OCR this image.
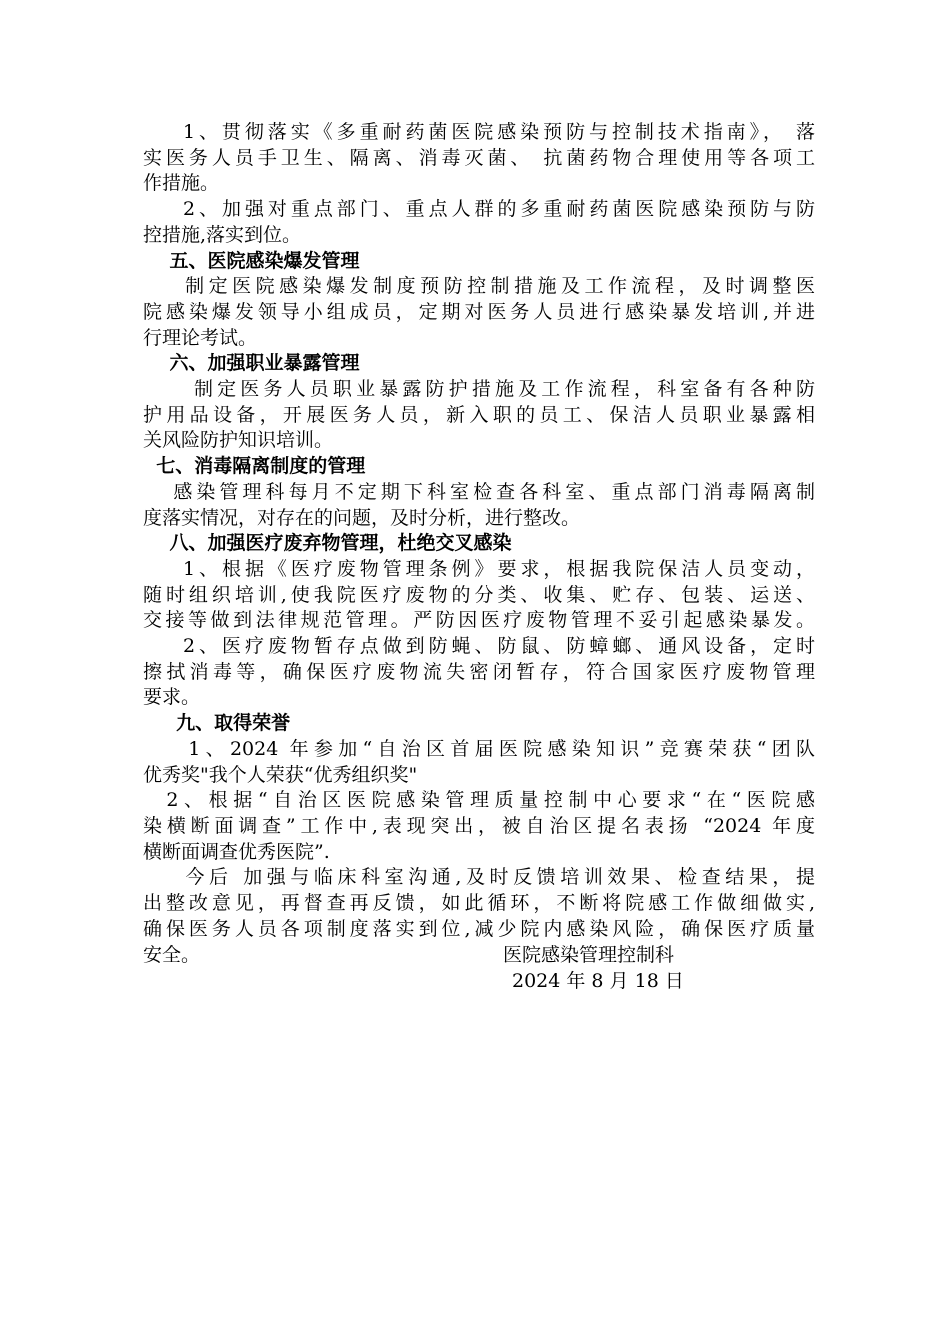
1、贯彻落实《多重耐药菌医院感染预防与控制技术指南》， 落

实医务人员手卫生、隔离、消毒灭菌、 抗菌药物合理使用等各项工

作措施。

2、加强对重点部门、重点人群的多重耐药菌医院感染预防与防

控措施,落实到位。

五、医院感染爆发管理

制定医院感染爆发制度预防控制措施及工作流程，及时调整医

院感染爆发领导小组成员，定期对医务人员进行感染暴发培训,并进

行理论考试。

六、加强职业暴露管理

制定医务人员职业暴露防护措施及工作流程，科室备有各种防

护用品设备，开展医务人员，新入职的员工、保洁人员职业暴露相

关风险防护知识培训。

七、消毒隔离制度的管理

感染管理科每月不定期下科室检查各科室、重点部门消毒隔离制

度落实情况，对存在的问题，及时分析，进行整改。

八、加强医疗废弃物管理，杜绝交叉感染

1、根据《医疗废物管理条例》要求，根据我院保洁人员变动，

随时组织培训,使我院医疗废物的分类、收集、贮存、包装、运送、

交接等做到法律规范管理。严防因医疗废物管理不妥引起感染暴发。

2、医疗废物暂存点做到防蝇、防鼠、防蟑螂、通风设备，定时

擦拭消毒等，确保医疗废物流失密闭暂存，符合国家医疗废物管理

要求。

九、取得荣誉

1、2024 年参加“自治区首届医院感染知识”竞赛荣获“团队

优秀奖"我个人荣获“优秀组织奖"

2、根据“自治区医院感染管理质量控制中心要求“在“医院感

染横断面调查”工作中,表现突出，被自治区提名表扬 “2024 年度

横断面调查优秀医院”.

今后 加强与临床科室沟通,及时反馈培训效果、检查结果，提

出整改意见，再督查再反馈，如此循环，不断将院感工作做细做实,

确保医务人员各项制度落实到位,减少院内感染风险，确保医疗质量

安全。	医院感染管理控制科
2024 年 8 月 18 日
